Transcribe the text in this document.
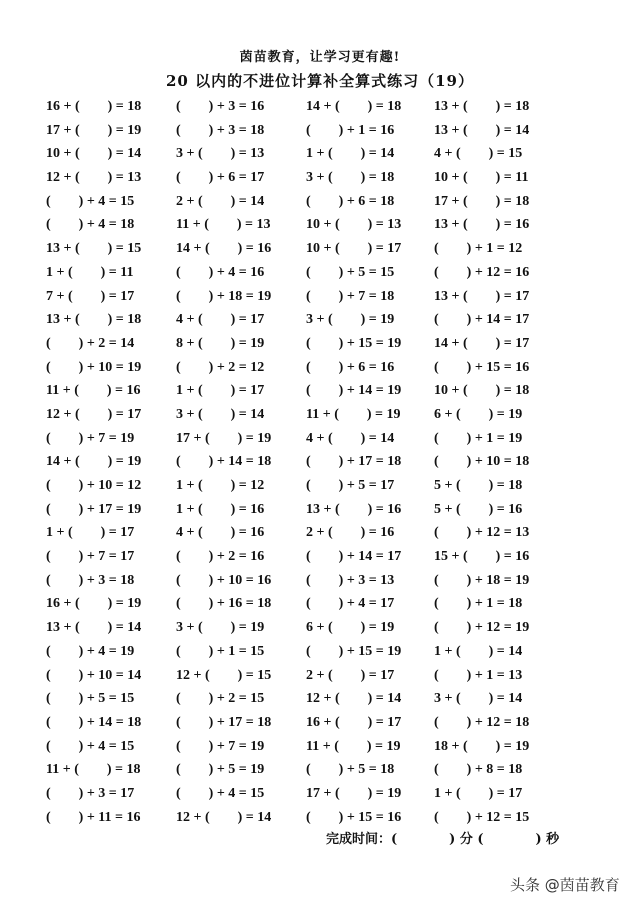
茵苗教育，让学习更有趣!
20 以内的不进位计算补全算式练习（19）
16 + (　　) = 18	(　　) + 3 = 16	14 + (　　) = 18	13 + (　　) = 18
17 + (　　) = 19	(　　) + 3 = 18	(　　) + 1 = 16	13 + (　　) = 14
10 + (　　) = 14	3 + (　　) = 13	1 + (　　) = 14	4 + (　　) = 15
12 + (　　) = 13	(　　) + 6 = 17	3 + (　　) = 18	10 + (　　) = 11
(　　) + 4 = 15	2 + (　　) = 14	(　　) + 6 = 18	17 + (　　) = 18
(　　) + 4 = 18	11 + (　　) = 13	10 + (　　) = 13	13 + (　　) = 16
13 + (　　) = 15	14 + (　　) = 16	10 + (　　) = 17	(　　) + 1 = 12
1 + (　　) = 11	(　　) + 4 = 16	(　　) + 5 = 15	(　　) + 12 = 16
7 + (　　) = 17	(　　) + 18 = 19	(　　) + 7 = 18	13 + (　　) = 17
13 + (　　) = 18	4 + (　　) = 17	3 + (　　) = 19	(　　) + 14 = 17
(　　) + 2 = 14	8 + (　　) = 19	(　　) + 15 = 19	14 + (　　) = 17
(　　) + 10 = 19	(　　) + 2 = 12	(　　) + 6 = 16	(　　) + 15 = 16
11 + (　　) = 16	1 + (　　) = 17	(　　) + 14 = 19	10 + (　　) = 18
12 + (　　) = 17	3 + (　　) = 14	11 + (　　) = 19	6 + (　　) = 19
(　　) + 7 = 19	17 + (　　) = 19	4 + (　　) = 14	(　　) + 1 = 19
14 + (　　) = 19	(　　) + 14 = 18	(　　) + 17 = 18	(　　) + 10 = 18
(　　) + 10 = 12	1 + (　　) = 12	(　　) + 5 = 17	5 + (　　) = 18
(　　) + 17 = 19	1 + (　　) = 16	13 + (　　) = 16	5 + (　　) = 16
1 + (　　) = 17	4 + (　　) = 16	2 + (　　) = 16	(　　) + 12 = 13
(　　) + 7 = 17	(　　) + 2 = 16	(　　) + 14 = 17	15 + (　　) = 16
(　　) + 3 = 18	(　　) + 10 = 16	(　　) + 3 = 13	(　　) + 18 = 19
16 + (　　) = 19	(　　) + 16 = 18	(　　) + 4 = 17	(　　) + 1 = 18
13 + (　　) = 14	3 + (　　) = 19	6 + (　　) = 19	(　　) + 12 = 19
(　　) + 4 = 19	(　　) + 1 = 15	(　　) + 15 = 19	1 + (　　) = 14
(　　) + 10 = 14	12 + (　　) = 15	2 + (　　) = 17	(　　) + 1 = 13
(　　) + 5 = 15	(　　) + 2 = 15	12 + (　　) = 14	3 + (　　) = 14
(　　) + 14 = 18	(　　) + 17 = 18	16 + (　　) = 17	(　　) + 12 = 18
(　　) + 4 = 15	(　　) + 7 = 19	11 + (　　) = 19	18 + (　　) = 19
11 + (　　) = 18	(　　) + 5 = 19	(　　) + 5 = 18	(　　) + 8 = 18
(　　) + 3 = 17	(　　) + 4 = 15	17 + (　　) = 19	1 + (　　) = 17
(　　) + 11 = 16	12 + (　　) = 14	(　　) + 15 = 16	(　　) + 12 = 15
完成时间：(　　　　) 分 (　　　　) 秒
头条 @茵苗教育
